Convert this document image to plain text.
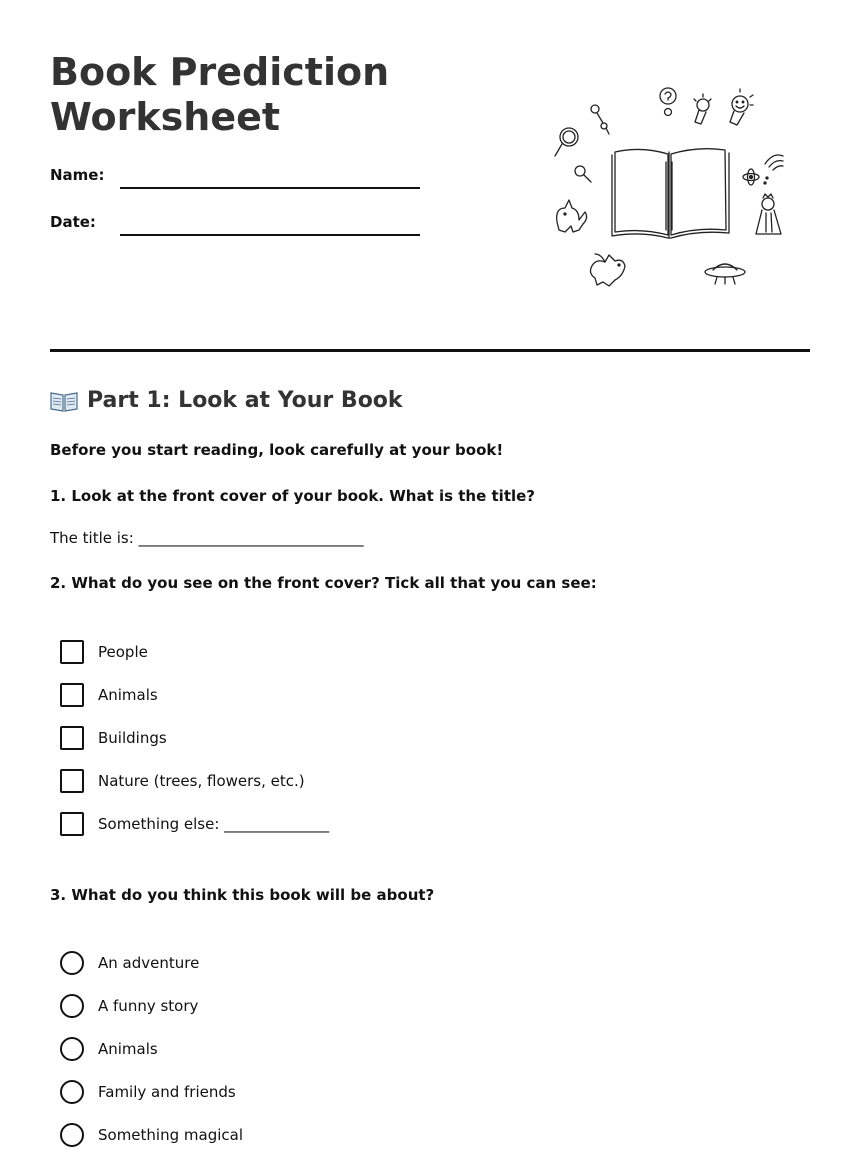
Book Prediction
Worksheet
Name:
Date:
Part 1: Look at Your Book

Before you start reading, look carefully at your book!

1. Look at the front cover of your book. What is the title?

The title is: ______________________________

2. What do you see on the front cover? Tick all that you can see:

People
Animals
Buildings
Nature (trees, flowers, etc.)
Something else: ______________

3. What do you think this book will be about?

An adventure
A funny story
Animals
Family and friends
Something magical
